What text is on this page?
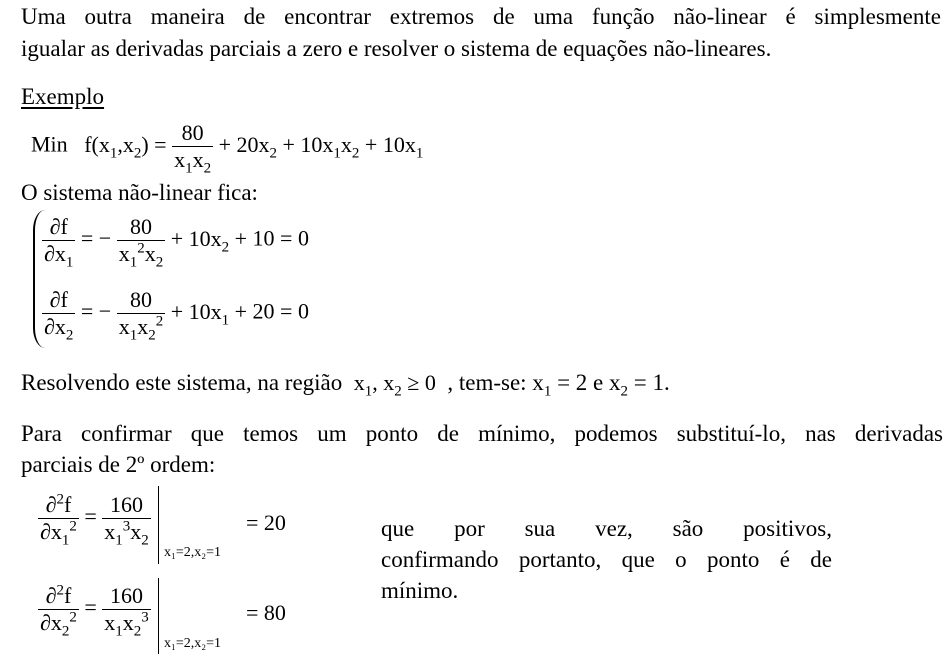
Uma outra maneira de encontrar extremos de uma função não-linear é simplesmente
igualar as derivadas parciais a zero e resolver o sistema de equações não-lineares.
Exemplo
Min $f(x_1,x_2) = \frac{80}{x_1x_2} + 20x_2 + 10x_1x_2 + 10x_1$
O sistema não-linear fica:
$\frac{\partial f}{\partial x_1}$ = − $\frac{80}{x_1^2x_2} + 10x_2 + 10 = 0$
$\frac{\partial f}{\partial x_2}$ = − $\frac{80}{x_1x_2^2} + 10x_1 + 20 = 0$
Resolvendo este sistema, na região $x_1$, $x_2 \ge 0$ , tem-se: $x_1 = 2$ e $x_2 = 1$.
Para confirmar que temos um ponto de mínimo, podemos substituí-lo, nas derivadas
parciais de 2º ordem:
$\frac{\partial^2f}{\partial x_1^2} = \frac{160}{x_1^3x_2}$
x₁=2,x₂=1
= 20
$\frac{\partial^2f}{\partial x_2^2} = \frac{160}{x_1x_2^3}$
x₁=2,x₂=1
= 80
que por sua vez, são positivos,
confirmando portanto, que o ponto é de
mínimo.
